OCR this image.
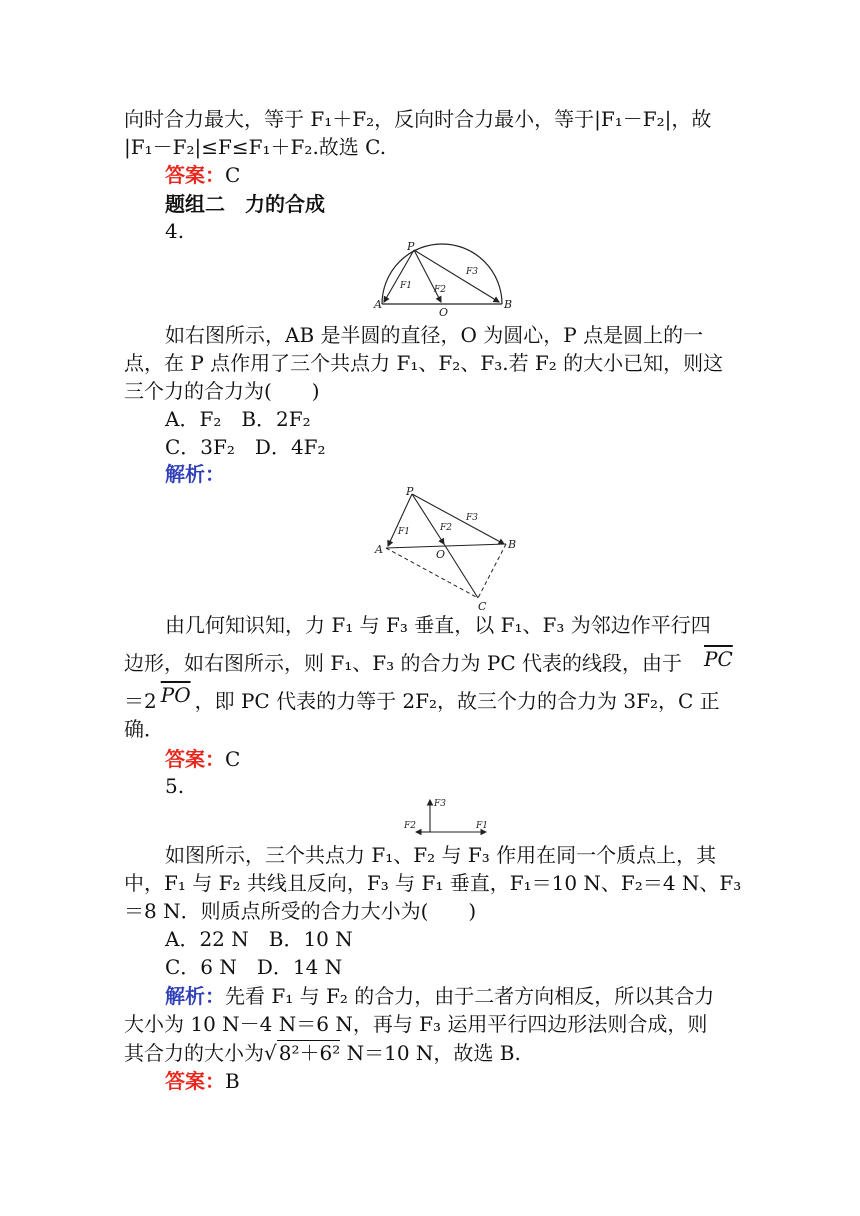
向时合力最大，等于 F₁＋F₂，反向时合力最小，等于|F₁－F₂|，故
|F₁－F₂|≤F≤F₁＋F₂.故选 C.
答案：C
题组二　力的合成
4.
P
A
O
B
F1 F2
F3
如右图所示，AB 是半圆的直径，O 为圆心，P 点是圆上的一
点，在 P 点作用了三个共点力 F₁、F₂、F₃.若 F₂ 的大小已知，则这
三个力的合力为(　　)
A．F₂　B．2F₂
C．3F₂　D．4F₂
解析：
P
A	O
B
C
F1	F2
F3
由几何知识知，力 F₁ 与 F₃ 垂直，以 F₁、F₃ 为邻边作平行四
边形，如右图所示，则 F₁、F₃ 的合力为 PC 代表的线段，由于 $\overline{PC}$
＝2 $\overline{PO}$ ，即 PC 代表的力等于 2F₂，故三个力的合力为 3F₂，C 正
确．
答案：C
5.
F3
F2	F1
如图所示，三个共点力 F₁、F₂ 与 F₃ 作用在同一个质点上，其
中，F₁ 与 F₂ 共线且反向，F₃ 与 F₁ 垂直，F₁＝10 N、F₂＝4 N、F₃
＝8 N．则质点所受的合力大小为(　　)
A．22 N　B．10 N
C．6 N　D．14 N
解析：先看 F₁ 与 F₂ 的合力，由于二者方向相反，所以其合力
大小为 10 N－4 N＝6 N，再与 F₃ 运用平行四边形法则合成，则
其合力的大小为√ 8²＋6² N＝10 N，故选 B.
答案：B
